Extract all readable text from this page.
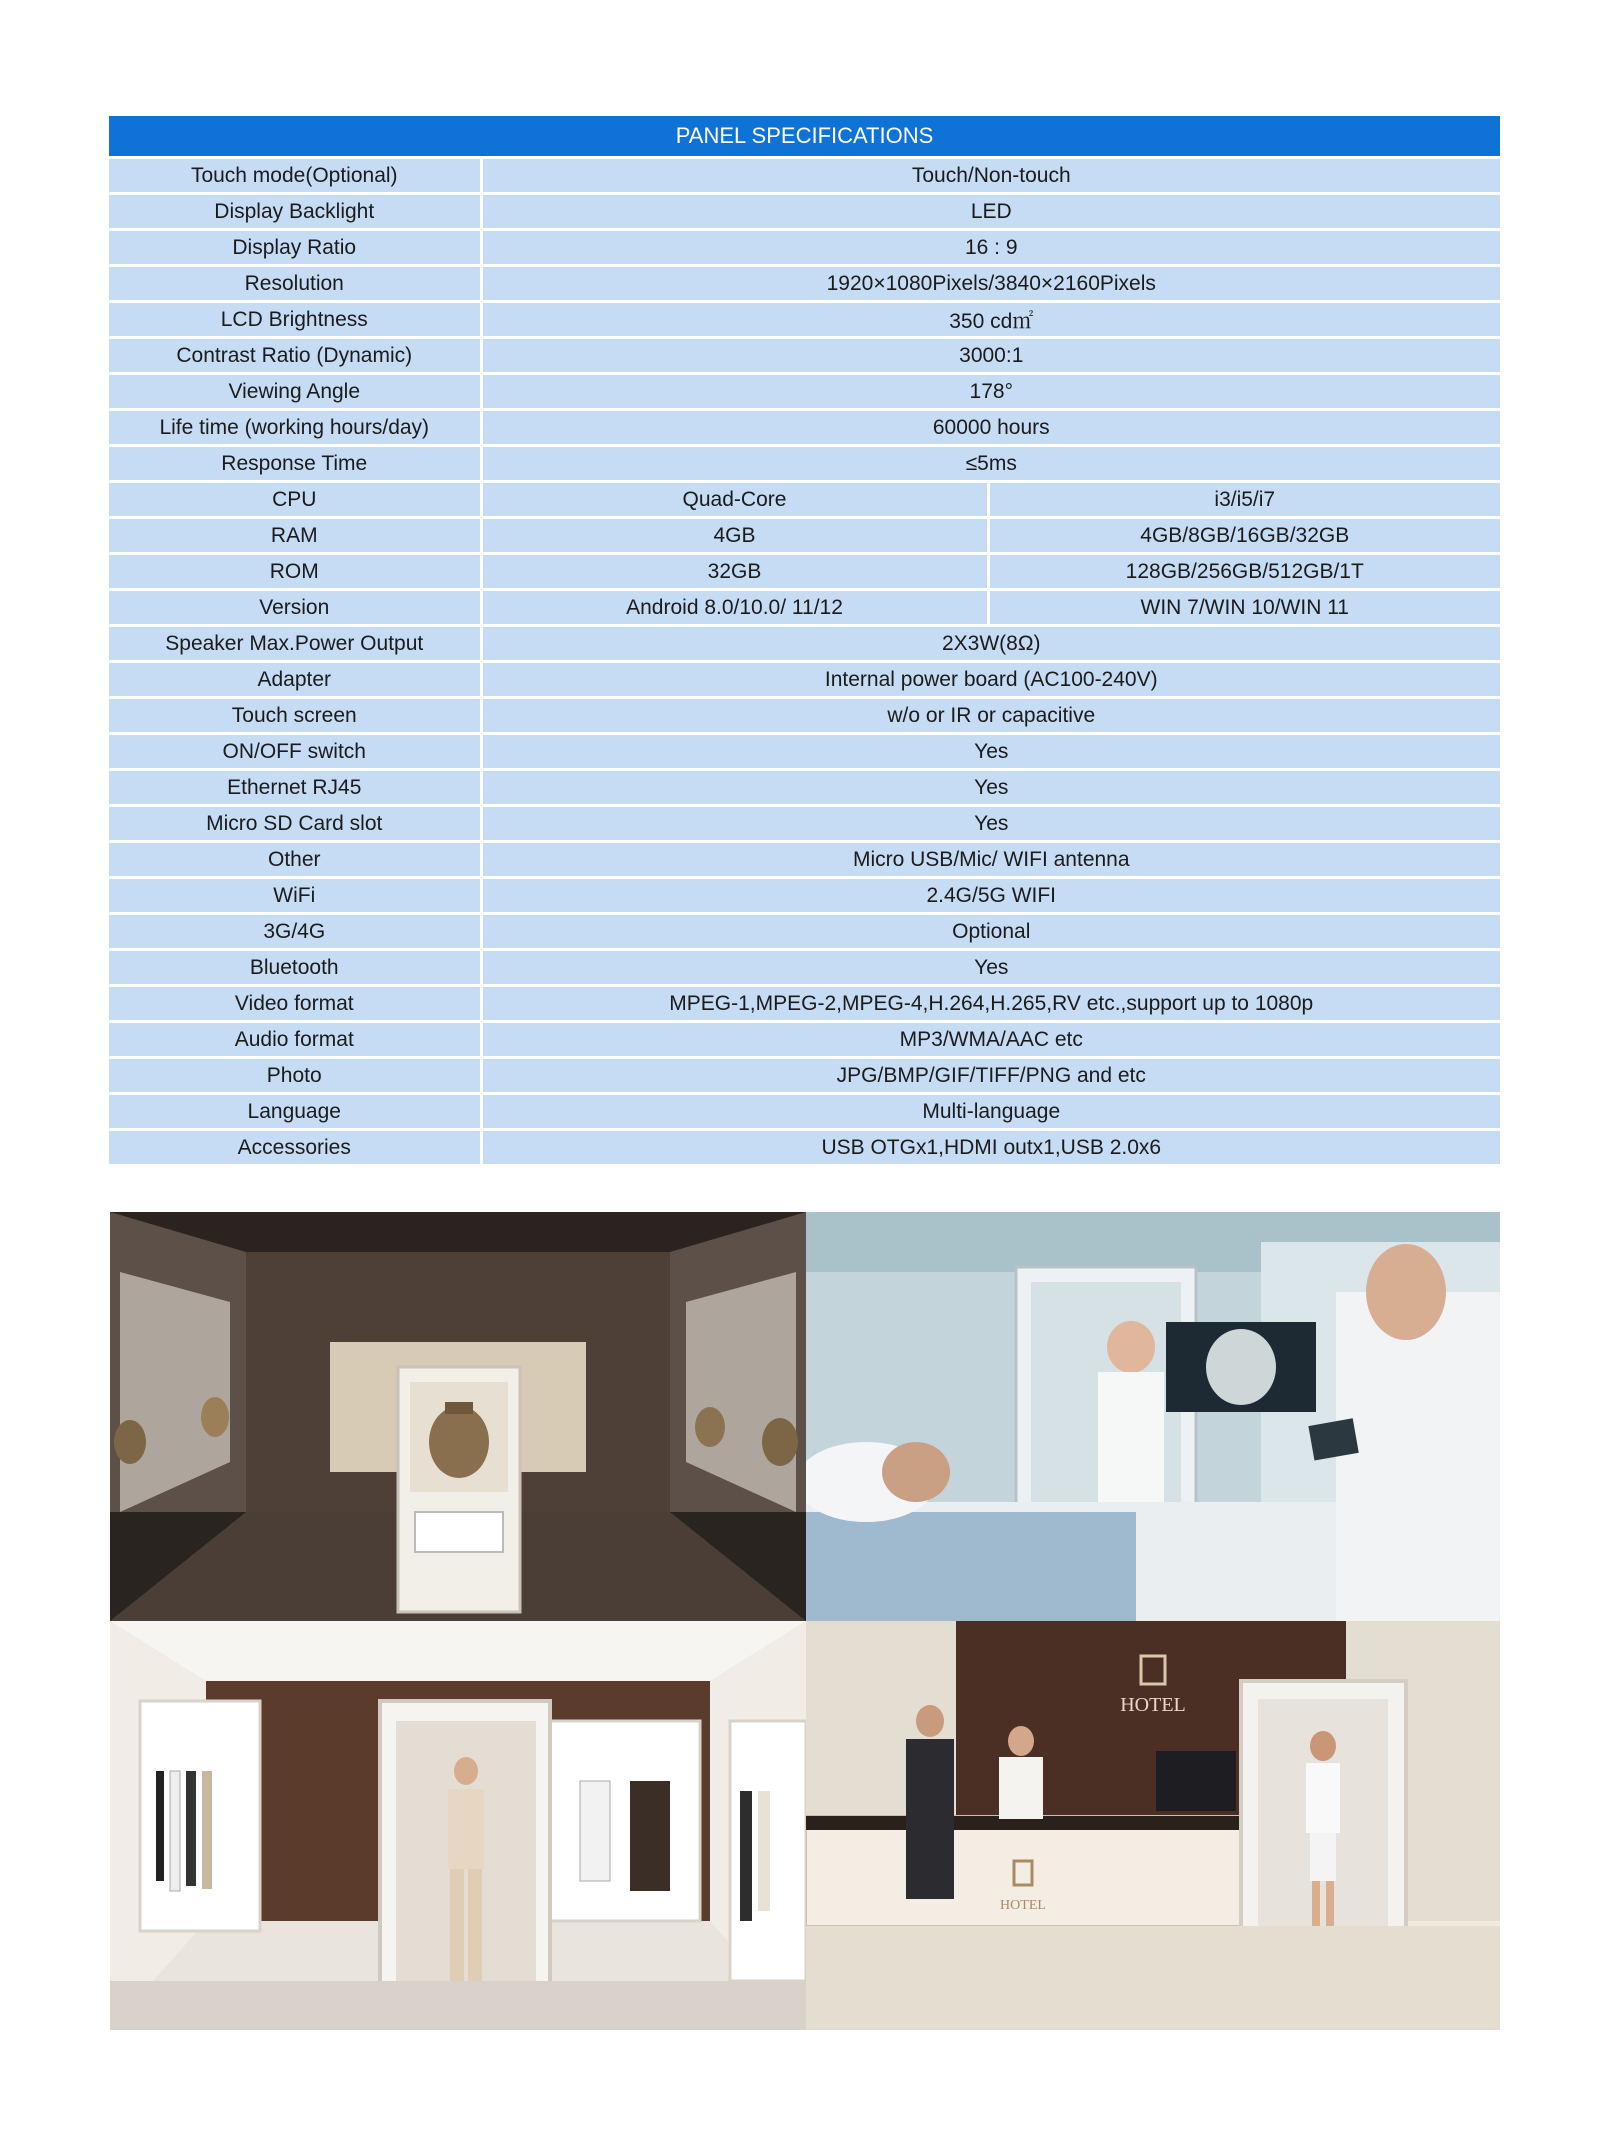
PANEL SPECIFICATIONS		
Touch mode(Optional)	Touch/Non-touch	
Display Backlight	LED	
Display Ratio	16 : 9	
Resolution	1920×1080Pixels/3840×2160Pixels	
LCD Brightness	350 cd㎡	
Contrast Ratio (Dynamic)	3000:1	
Viewing Angle	178°	
Life time (working hours/day)	60000 hours	
Response Time	≤5ms	
CPU	Quad-Core	i3/i5/i7
RAM	4GB	4GB/8GB/16GB/32GB
ROM	32GB	128GB/256GB/512GB/1T
Version	Android 8.0/10.0/ 11/12	WIN 7/WIN 10/WIN 11
Speaker Max.Power Output	2X3W(8Ω)	
Adapter	Internal power board (AC100-240V)	
Touch screen	w/o or IR or capacitive	
ON/OFF switch	Yes	
Ethernet RJ45	Yes	
Micro SD Card slot	Yes	
Other	Micro USB/Mic/ WIFI antenna	
WiFi	2.4G/5G WIFI	
3G/4G	Optional	
Bluetooth	Yes	
Video format	MPEG-1,MPEG-2,MPEG-4,H.264,H.265,RV etc.,support up to 1080p	
Audio format	MP3/WMA/AAC etc	
Photo	JPG/BMP/GIF/TIFF/PNG and etc	
Language	Multi-language	
Accessories	USB OTGx1,HDMI outx1,USB 2.0x6	
HOTEL
HOTEL
